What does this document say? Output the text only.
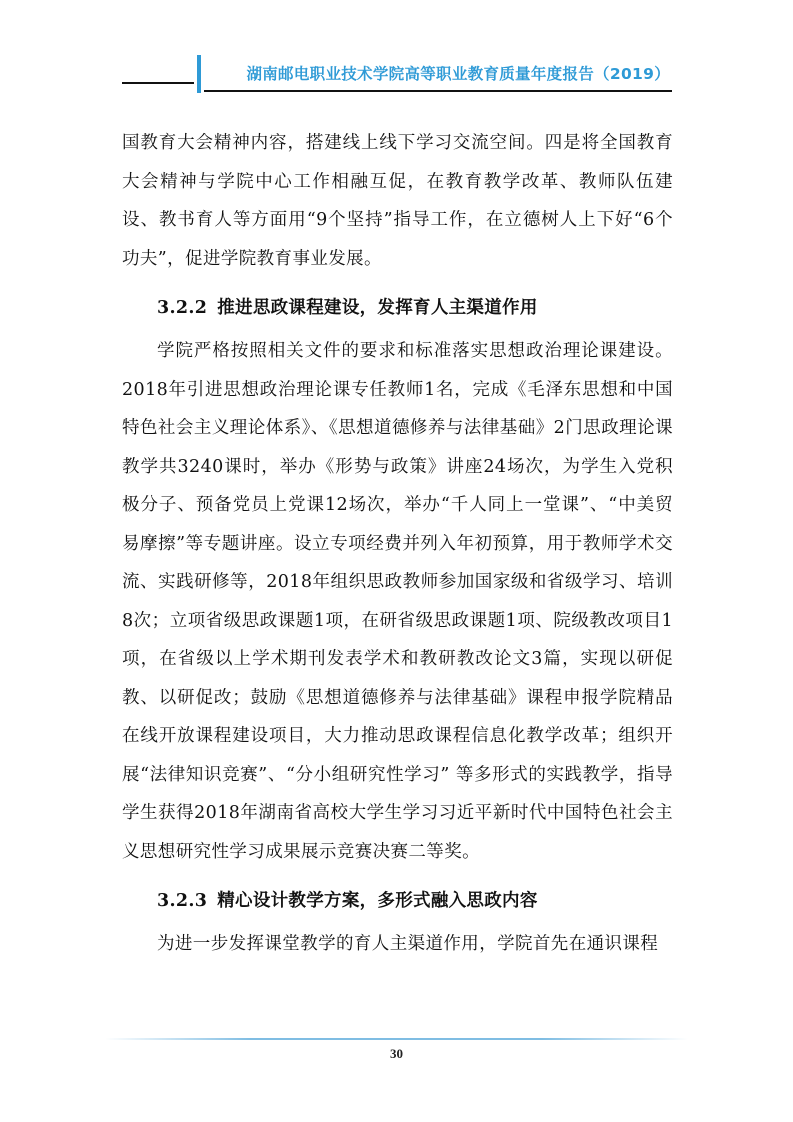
湖南邮电职业技术学院高等职业教育质量年度报告（2019）

国教育大会精神内容，搭建线上线下学习交流空间。四是将全国教育大会精神与学院中心工作相融互促，在教育教学改革、教师队伍建设、教书育人等方面用“9个坚持”指导工作，在立德树人上下好“6个功夫”，促进学院教育事业发展。

3.2.2 推进思政课程建设，发挥育人主渠道作用

学院严格按照相关文件的要求和标准落实思想政治理论课建设。2018年引进思想政治理论课专任教师1名，完成《毛泽东思想和中国特色社会主义理论体系》、《思想道德修养与法律基础》2门思政理论课教学共3240课时，举办《形势与政策》讲座24场次，为学生入党积极分子、预备党员上党课12场次，举办“千人同上一堂课”、“中美贸易摩擦”等专题讲座。设立专项经费并列入年初预算，用于教师学术交流、实践研修等，2018年组织思政教师参加国家级和省级学习、培训8次；立项省级思政课题1项，在研省级思政课题1项、院级教改项目1项，在省级以上学术期刊发表学术和教研教改论文3篇，实现以研促教、以研促改；鼓励《思想道德修养与法律基础》课程申报学院精品在线开放课程建设项目，大力推动思政课程信息化教学改革；组织开展“法律知识竞赛”、“分小组研究性学习” 等多形式的实践教学，指导学生获得2018年湖南省高校大学生学习习近平新时代中国特色社会主义思想研究性学习成果展示竞赛决赛二等奖。

3.2.3 精心设计教学方案，多形式融入思政内容

为进一步发挥课堂教学的育人主渠道作用，学院首先在通识课程

30
